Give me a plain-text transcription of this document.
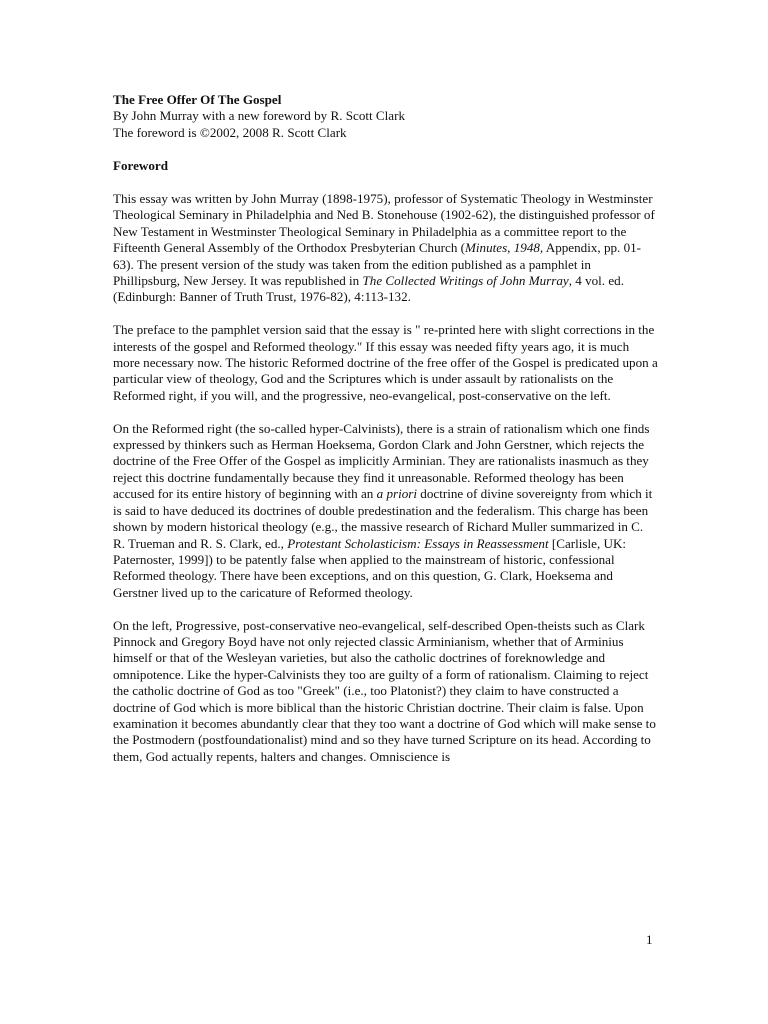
The Free Offer Of The Gospel
By John Murray with a new foreword by R. Scott Clark
The foreword is ©2002, 2008 R. Scott Clark
Foreword

This essay was written by John Murray (1898-1975), professor of Systematic Theology in Westminster Theological Seminary in Philadelphia and Ned B. Stonehouse (1902-62), the distinguished professor of New Testament in Westminster Theological Seminary in Philadelphia as a committee report to the Fifteenth General Assembly of the Orthodox Presbyterian Church (Minutes, 1948, Appendix, pp. 01-63). The present version of the study was taken from the edition published as a pamphlet in Phillipsburg, New Jersey. It was republished in The Collected Writings of John Murray, 4 vol. ed. (Edinburgh: Banner of Truth Trust, 1976-82), 4:113-132.

The preface to the pamphlet version said that the essay is " re-printed here with slight corrections in the interests of the gospel and Reformed theology." If this essay was needed fifty years ago, it is much more necessary now. The historic Reformed doctrine of the free offer of the Gospel is predicated upon a particular view of theology, God and the Scriptures which is under assault by rationalists on the Reformed right, if you will, and the progressive, neo-evangelical, post-conservative on the left.

On the Reformed right (the so-called hyper-Calvinists), there is a strain of rationalism which one finds expressed by thinkers such as Herman Hoeksema, Gordon Clark and John Gerstner, which rejects the doctrine of the Free Offer of the Gospel as implicitly Arminian. They are rationalists inasmuch as they reject this doctrine fundamentally because they find it unreasonable. Reformed theology has been accused for its entire history of beginning with an a priori doctrine of divine sovereignty from which it is said to have deduced its doctrines of double predestination and the federalism. This charge has been shown by modern historical theology (e.g., the massive research of Richard Muller summarized in C. R. Trueman and R. S. Clark, ed., Protestant Scholasticism: Essays in Reassessment [Carlisle, UK: Paternoster, 1999]) to be patently false when applied to the mainstream of historic, confessional Reformed theology. There have been exceptions, and on this question, G. Clark, Hoeksema and Gerstner lived up to the caricature of Reformed theology.

On the left, Progressive, post-conservative neo-evangelical, self-described Open-theists such as Clark Pinnock and Gregory Boyd have not only rejected classic Arminianism, whether that of Arminius himself or that of the Wesleyan varieties, but also the catholic doctrines of foreknowledge and omnipotence. Like the hyper-Calvinists they too are guilty of a form of rationalism. Claiming to reject the catholic doctrine of God as too "Greek" (i.e., too Platonist?) they claim to have constructed a doctrine of God which is more biblical than the historic Christian doctrine. Their claim is false. Upon examination it becomes abundantly clear that they too want a doctrine of God which will make sense to the Postmodern (postfoundationalist) mind and so they have turned Scripture on its head. According to them, God actually repents, halters and changes. Omniscience is

1
